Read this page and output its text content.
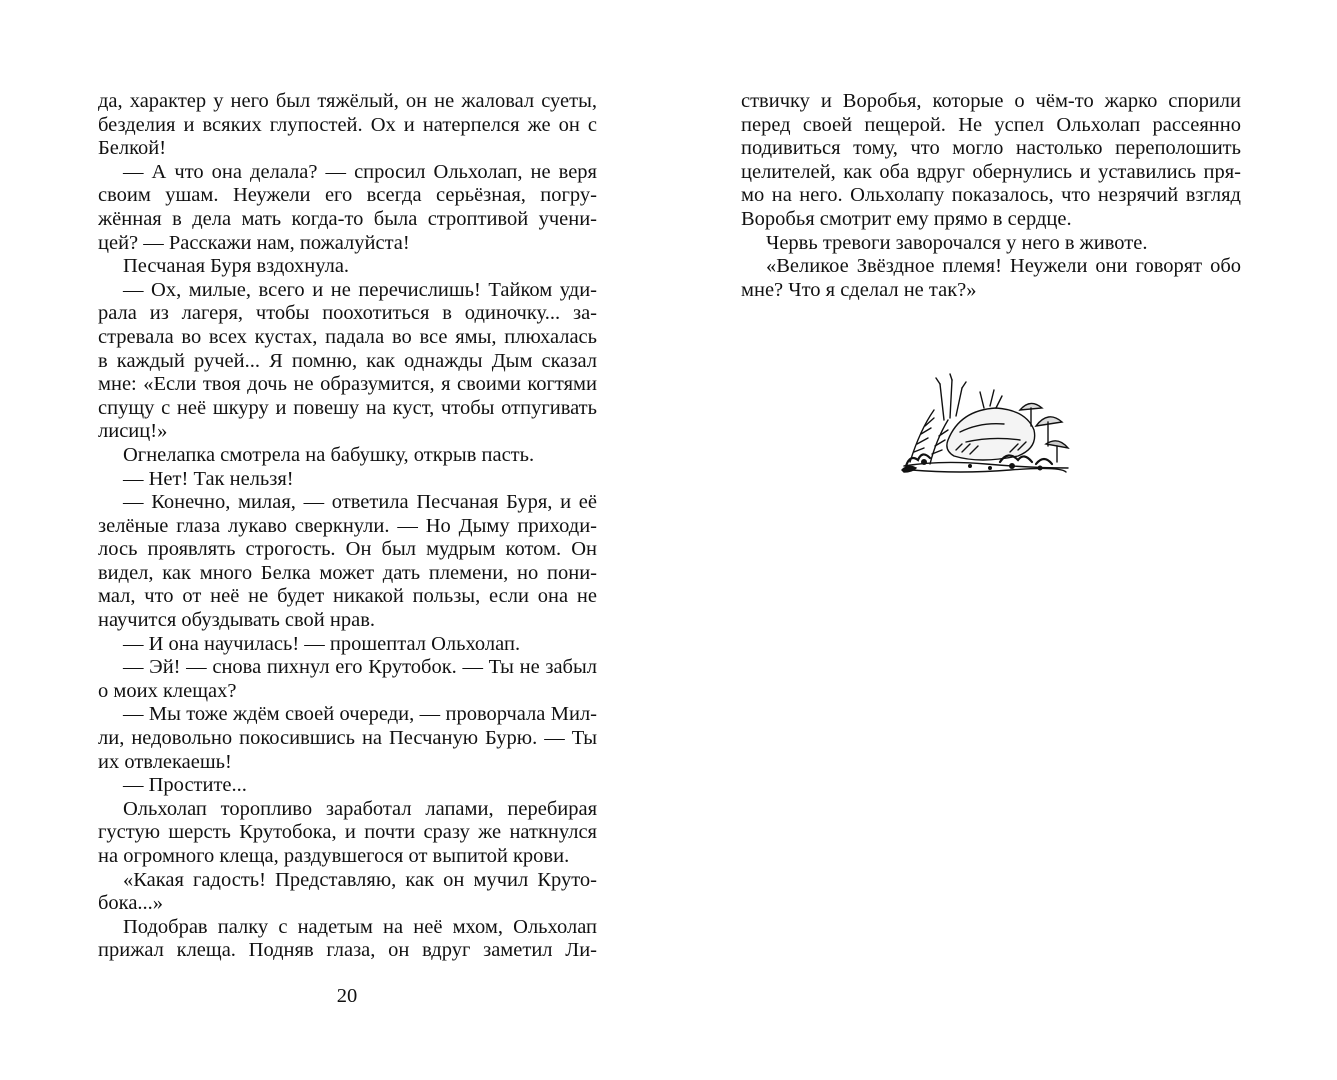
да, характер у него был тяжёлый, он не жаловал суеты,
безделия и всяких глупостей. Ох и натерпелся же он с
Белкой!
— А что она делала? — спросил Ольхолап, не веря
своим ушам. Неужели его всегда серьёзная, погру-
жённая в дела мать когда-то была строптивой учени-
цей? — Расскажи нам, пожалуйста!
Песчаная Буря вздохнула.
— Ох, милые, всего и не перечислишь! Тайком уди-
рала из лагеря, чтобы поохотиться в одиночку... за-
стревала во всех кустах, падала во все ямы, плюхалась
в каждый ручей... Я помню, как однажды Дым сказал
мне: «Если твоя дочь не образумится, я своими когтями
спущу с неё шкуру и повешу на куст, чтобы отпугивать
лисиц!»
Огнелапка смотрела на бабушку, открыв пасть.
— Нет! Так нельзя!
— Конечно, милая, — ответила Песчаная Буря, и её
зелёные глаза лукаво сверкнули. — Но Дыму приходи-
лось проявлять строгость. Он был мудрым котом. Он
видел, как много Белка может дать племени, но пони-
мал, что от неё не будет никакой пользы, если она не
научится обуздывать свой нрав.
— И она научилась! — прошептал Ольхолап.
— Эй! — снова пихнул его Крутобок. — Ты не забыл
о моих клещах?
— Мы тоже ждём своей очереди, — проворчала Мил-
ли, недовольно покосившись на Песчаную Бурю. — Ты
их отвлекаешь!
— Простите...
Ольхолап торопливо заработал лапами, перебирая
густую шерсть Крутобока, и почти сразу же наткнулся
на огромного клеща, раздувшегося от выпитой крови.
«Какая гадость! Представляю, как он мучил Круто-
бока...»
Подобрав палку с надетым на неё мхом, Ольхолап
прижал клеща. Подняв глаза, он вдруг заметил Ли-
20
ствичку и Воробья, которые о чём-то жарко спорили
перед своей пещерой. Не успел Ольхолап рассеянно
подивиться тому, что могло настолько переполошить
целителей, как оба вдруг обернулись и уставились пря-
мо на него. Ольхолапу показалось, что незрячий взгляд
Воробья смотрит ему прямо в сердце.
Червь тревоги заворочался у него в животе.
«Великое Звёздное племя! Неужели они говорят обо
мне? Что я сделал не так?»
